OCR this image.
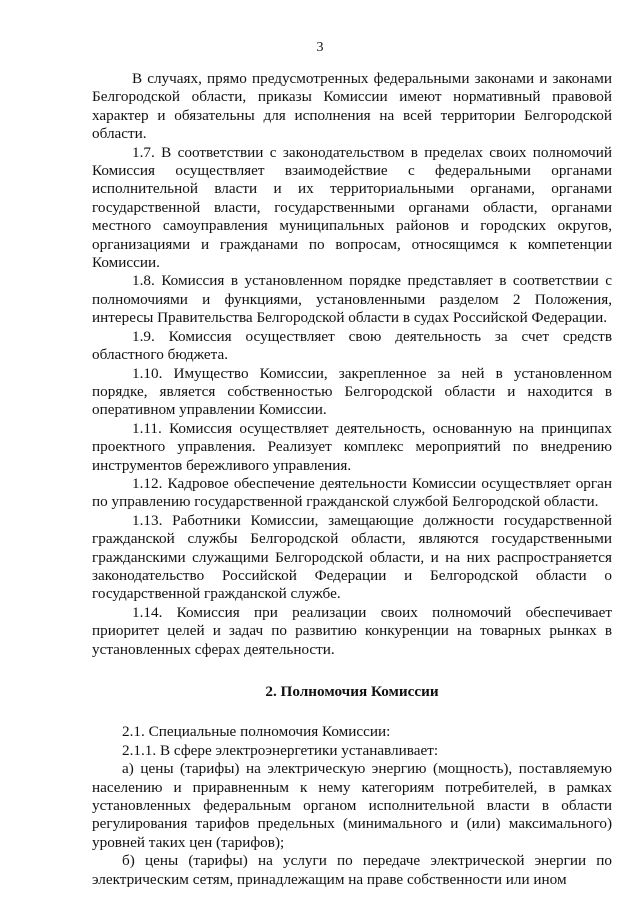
3

В случаях, прямо предусмотренных федеральными законами и законами Белгородской области, приказы Комиссии имеют нормативный правовой характер и обязательны для исполнения на всей территории Белгородской области.

1.7. В соответствии с законодательством в пределах своих полномочий Комиссия осуществляет взаимодействие с федеральными органами исполнительной власти и их территориальными органами, органами государственной власти, государственными органами области, органами местного самоуправления муниципальных районов и городских округов, организациями и гражданами по вопросам, относящимся к компетенции Комиссии.

1.8. Комиссия в установленном порядке представляет в соответствии с полномочиями и функциями, установленными разделом 2 Положения, интересы Правительства Белгородской области в судах Российской Федерации.

1.9. Комиссия осуществляет свою деятельность за счет средств областного бюджета.

1.10. Имущество Комиссии, закрепленное за ней в установленном порядке, является собственностью Белгородской области и находится в оперативном управлении Комиссии.

1.11. Комиссия осуществляет деятельность, основанную на принципах проектного управления. Реализует комплекс мероприятий по внедрению инструментов бережливого управления.

1.12. Кадровое обеспечение деятельности Комиссии осуществляет орган по управлению государственной гражданской службой Белгородской области.

1.13. Работники Комиссии, замещающие должности государственной гражданской службы Белгородской области, являются государственными гражданскими служащими Белгородской области, и на них распространяется законодательство Российской Федерации и Белгородской области о государственной гражданской службе.

1.14. Комиссия при реализации своих полномочий обеспечивает приоритет целей и задач по развитию конкуренции на товарных рынках в установленных сферах деятельности.

2. Полномочия Комиссии

2.1. Специальные полномочия Комиссии:

2.1.1. В сфере электроэнергетики устанавливает:

а) цены (тарифы) на электрическую энергию (мощность), поставляемую населению и приравненным к нему категориям потребителей, в рамках установленных федеральным органом исполнительной власти в области регулирования тарифов предельных (минимального и (или) максимального) уровней таких цен (тарифов);

б) цены (тарифы) на услуги по передаче электрической энергии по электрическим сетям, принадлежащим на праве собственности или ином
